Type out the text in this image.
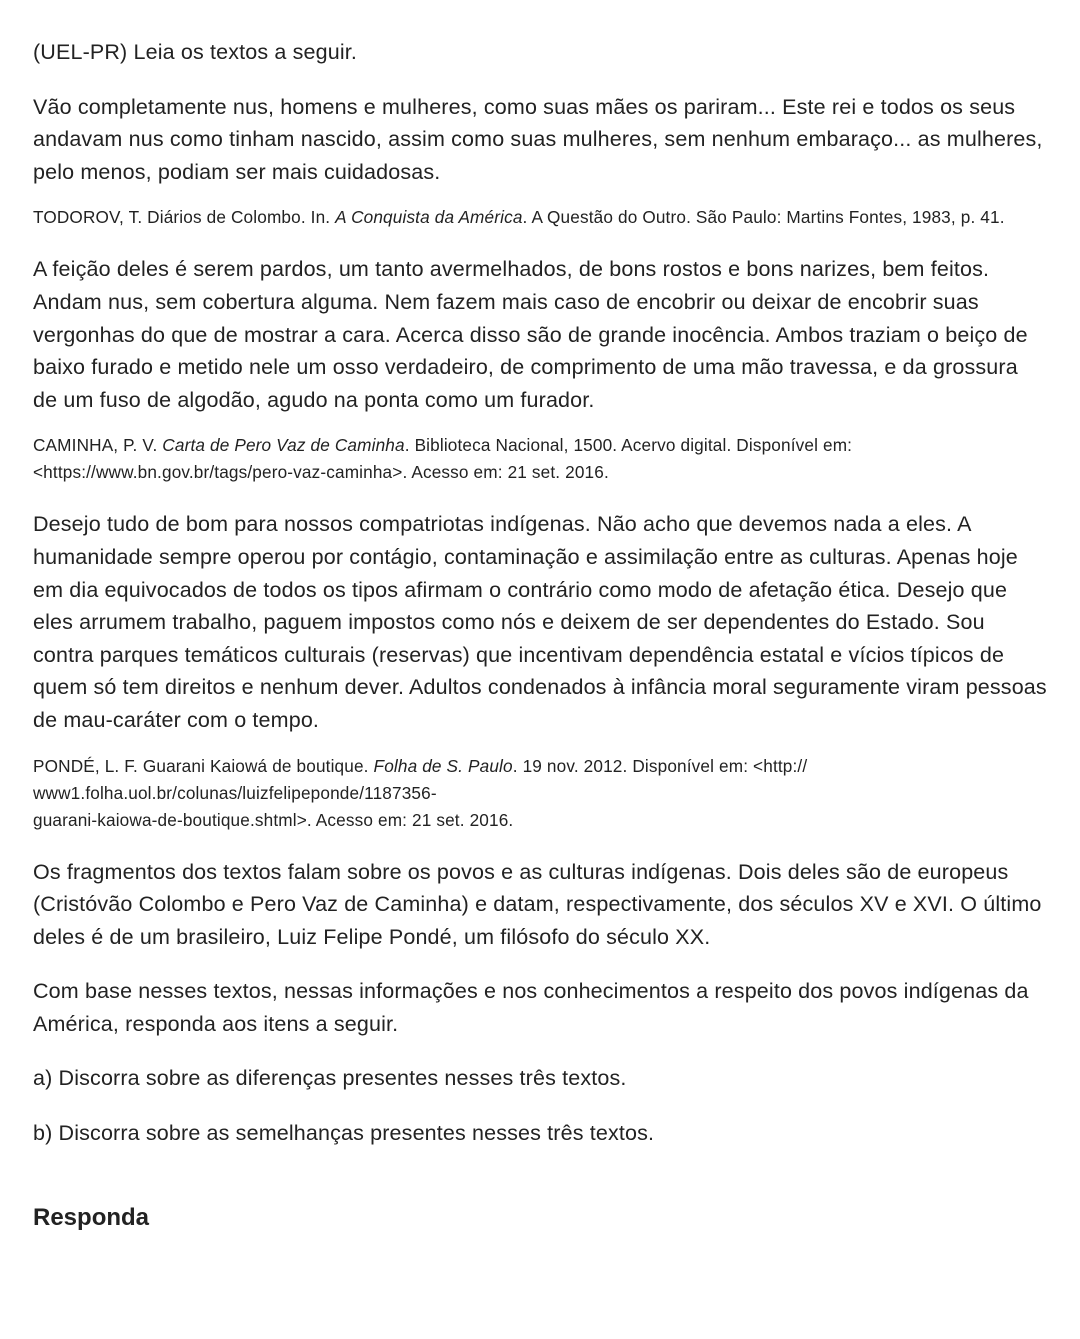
(UEL-PR) Leia os textos a seguir.

Vão completamente nus, homens e mulheres, como suas mães os pariram... Este rei e todos os seus andavam nus como tinham nascido, assim como suas mulheres, sem nenhum embaraço... as mulheres, pelo menos, podiam ser mais cuidadosas.

TODOROV, T. Diários de Colombo. In. A Conquista da América. A Questão do Outro. São Paulo: Martins Fontes, 1983, p. 41.

A feição deles é serem pardos, um tanto avermelhados, de bons rostos e bons narizes, bem feitos. Andam nus, sem cobertura alguma. Nem fazem mais caso de encobrir ou deixar de encobrir suas vergonhas do que de mostrar a cara. Acerca disso são de grande inocência. Ambos traziam o beiço de baixo furado e metido nele um osso verdadeiro, de comprimento de uma mão travessa, e da grossura de um fuso de algodão, agudo na ponta como um furador.

CAMINHA, P. V. Carta de Pero Vaz de Caminha. Biblioteca Nacional, 1500. Acervo digital. Disponível em: <https://www.bn.gov.br/tags/pero-vaz-caminha>. Acesso em: 21 set. 2016.

Desejo tudo de bom para nossos compatriotas indígenas. Não acho que devemos nada a eles. A humanidade sempre operou por contágio, contaminação e assimilação entre as culturas. Apenas hoje em dia equivocados de todos os tipos afirmam o contrário como modo de afetação ética. Desejo que eles arrumem trabalho, paguem impostos como nós e deixem de ser dependentes do Estado. Sou contra parques temáticos culturais (reservas) que incentivam dependência estatal e vícios típicos de quem só tem direitos e nenhum dever. Adultos condenados à infância moral seguramente viram pessoas de mau-caráter com o tempo.

PONDÉ, L. F. Guarani Kaiowá de boutique. Folha de S. Paulo. 19 nov. 2012. Disponível em: <http://
www1.folha.uol.br/colunas/luizfelipeponde/1187356-
guarani-kaiowa-de-boutique.shtml>. Acesso em: 21 set. 2016.

Os fragmentos dos textos falam sobre os povos e as culturas indígenas. Dois deles são de europeus (Cristóvão Colombo e Pero Vaz de Caminha) e datam, respectivamente, dos séculos XV e XVI. O último deles é de um brasileiro, Luiz Felipe Pondé, um filósofo do século XX.

Com base nesses textos, nessas informações e nos conhecimentos a respeito dos povos indígenas da América, responda aos itens a seguir.

a) Discorra sobre as diferenças presentes nesses três textos.

b) Discorra sobre as semelhanças presentes nesses três textos.

Responda
